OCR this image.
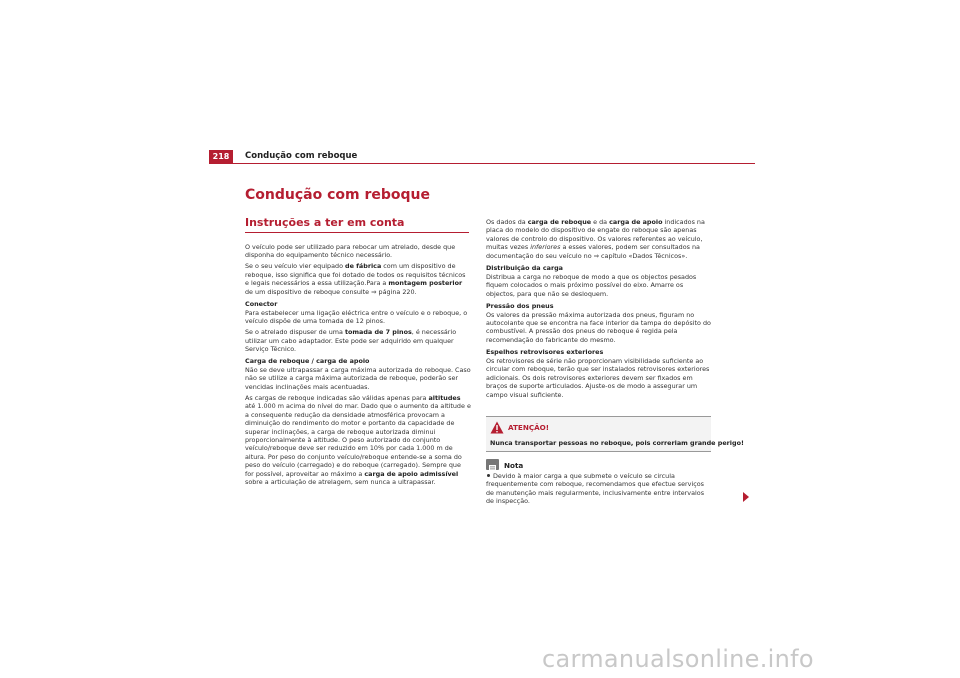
218	Condução com reboque
Condução com reboque
Instruções a ter em conta

O veículo pode ser utilizado para rebocar um atrelado, desde que disponha do equipamento técnico necessário.

Se o seu veículo vier equipado de fábrica com um dispositivo de reboque, isso significa que foi dotado de todos os requisitos técnicos e legais necessários a essa utilização.Para a montagem posterior de um dispositivo de reboque consulte ⇒ página 220.

Conector

Para estabelecer uma ligação eléctrica entre o veículo e o reboque, o veículo dispõe de uma tomada de 12 pinos.

Se o atrelado dispuser de uma tomada de 7 pinos, é necessário utilizar um cabo adaptador. Este pode ser adquirido em qualquer Serviço Técnico.

Carga de reboque / carga de apoio

Não se deve ultrapassar a carga máxima autorizada do reboque. Caso não se utilize a carga máxima autorizada de reboque, poderão ser vencidas inclinações mais acentuadas.

As cargas de reboque indicadas são válidas apenas para altitudes até 1.000 m acima do nível do mar. Dado que o aumento da altitude e a consequente redução da densidade atmosférica provocam a diminuição do rendimento do motor e portanto da capacidade de superar inclinações, a carga de reboque autorizada diminui proporcionalmente à altitude. O peso autorizado do conjunto veículo/reboque deve ser reduzido em 10% por cada 1.000 m de altura. Por peso do conjunto veículo/reboque entende-se a soma do peso do veículo (carregado) e do reboque (carregado). Sempre que for possível, aproveitar ao máximo a carga de apoio admissível sobre a articulação de atrelagem, sem nunca a ultrapassar.

Os dados da carga de reboque e da carga de apoio indicados na placa do modelo do dispositivo de engate do reboque são apenas valores de controlo do dispositivo. Os valores referentes ao veículo, muitas vezes inferiores a esses valores, podem ser consultados na documentação do seu veículo no ⇒ capítulo «Dados Técnicos».

Distribuição da carga

Distribua a carga no reboque de modo a que os objectos pesados fiquem colocados o mais próximo possível do eixo. Amarre os objectos, para que não se desloquem.

Pressão dos pneus

Os valores da pressão máxima autorizada dos pneus, figuram no autocolante que se encontra na face interior da tampa do depósito do combustível. A pressão dos pneus do reboque é regida pela recomendação do fabricante do mesmo.

Espelhos retrovisores exteriores

Os retrovisores de série não proporcionam visibilidade suficiente ao circular com reboque, terão que ser instalados retrovisores exteriores adicionais. Os dois retrovisores exteriores devem ser fixados em braços de suporte articulados. Ajuste-os de modo a assegurar um campo visual suficiente.

ATENÇÃO!
Nunca transportar pessoas no reboque, pois correriam grande perigo!
Nota
Devido à maior carga a que submete o veículo se circula frequentemente com reboque, recomendamos que efectue serviços de manutenção mais regularmente, inclusivamente entre intervalos de inspecção.
carmanualsonline.info
